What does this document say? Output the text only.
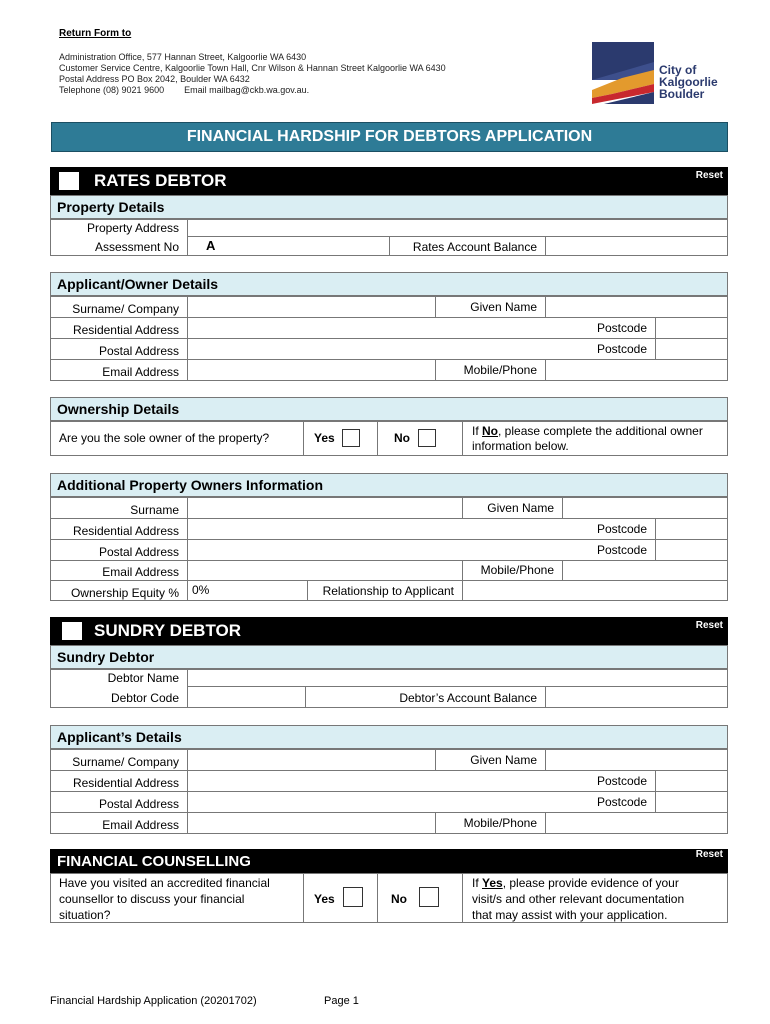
Return Form to
Administration Office, 577 Hannan Street, Kalgoorlie WA 6430
Customer Service Centre, Kalgoorlie Town Hall, Cnr Wilson & Hannan Street Kalgoorlie WA 6430
Postal Address PO Box 2042, Boulder WA 6432
Telephone (08) 9021 9600        Email mailbag@ckb.wa.gov.au.
City of
Kalgoorlie
Boulder
FINANCIAL HARDSHIP FOR DEBTORS APPLICATION
RATES DEBTOR	Reset
Property Details
Property Address
Assessment No	A	Rates Account Balance
Applicant/Owner Details
Surname/ Company	Given Name
Residential Address	Postcode
Postal Address	Postcode
Email Address	Mobile/Phone
Ownership Details
Are you the sole owner of the property?	Yes	No	If No, please complete the additional owner
information below.
Additional Property Owners Information
Surname	Given Name
Residential Address	Postcode
Postal Address	Postcode
Email Address	Mobile/Phone
Ownership Equity %	0%	Relationship to Applicant
SUNDRY DEBTOR	Reset
Sundry Debtor
Debtor Name
Debtor Code	Debtor’s Account Balance
Applicant’s Details
Surname/ Company	Given Name
Residential Address	Postcode
Postal Address	Postcode
Email Address	Mobile/Phone
FINANCIAL COUNSELLING	Reset
Have you visited an accredited financial
counsellor to discuss your financial
situation?
Yes	No
If Yes, please provide evidence of your
visit/s and other relevant documentation
that may assist with your application.
Financial Hardship Application (20201702)	Page 1
